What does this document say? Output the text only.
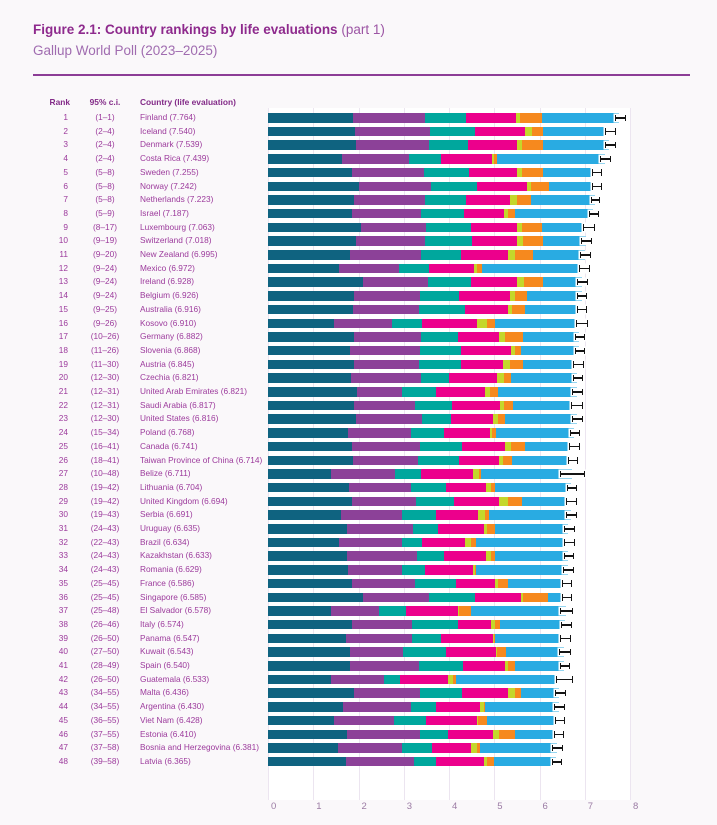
Figure 2.1: Country rankings by life evaluations (part 1)
Gallup World Poll (2023–2025)
Rank	95% c.i.	Country (life evaluation)
1	(1–1)	Finland (7.764)
2	(2–4)	Iceland (7.540)
3	(2–4)	Denmark (7.539)
4	(2–4)	Costa Rica (7.439)
5	(5–8)	Sweden (7.255)
6	(5–8)	Norway (7.242)
7	(5–8)	Netherlands (7.223)
8	(5–9)	Israel (7.187)
9	(8–17)	Luxembourg (7.063)
10	(9–19)	Switzerland (7.018)
11	(9–20)	New Zealand (6.995)
12	(9–24)	Mexico (6.972)
13	(9–24)	Ireland (6.928)
14	(9–24)	Belgium (6.926)
15	(9–25)	Australia (6.916)
16	(9–26)	Kosovo (6.910)
17	(10–26)	Germany (6.882)
18	(11–26)	Slovenia (6.868)
19	(11–30)	Austria (6.845)
20	(12–30)	Czechia (6.821)
21	(12–31)	United Arab Emirates (6.821)
22	(12–31)	Saudi Arabia (6.817)
23	(12–30)	United States (6.816)
24	(15–34)	Poland (6.768)
25	(16–41)	Canada (6.741)
26	(18–41)	Taiwan Province of China (6.714)
27	(10–48)	Belize (6.711)
28	(19–42)	Lithuania (6.704)
29	(19–42)	United Kingdom (6.694)
30	(19–43)	Serbia (6.691)
31	(24–43)	Uruguay (6.635)
32	(22–43)	Brazil (6.634)
33	(24–43)	Kazakhstan (6.633)
34	(24–43)	Romania (6.629)
35	(25–45)	France (6.586)
36	(25–45)	Singapore (6.585)
37	(25–48)	El Salvador (6.578)
38	(26–46)	Italy (6.574)
39	(26–50)	Panama (6.547)
40	(27–50)	Kuwait (6.543)
41	(28–49)	Spain (6.540)
42	(26–50)	Guatemala (6.533)
43	(34–55)	Malta (6.436)
44	(34–55)	Argentina (6.430)
45	(36–55)	Viet Nam (6.428)
46	(37–55)	Estonia (6.410)
47	(37–58)	Bosnia and Herzegovina (6.381)
48	(39–58)	Latvia (6.365)
0	1	2	3	4	5	6	7	8
